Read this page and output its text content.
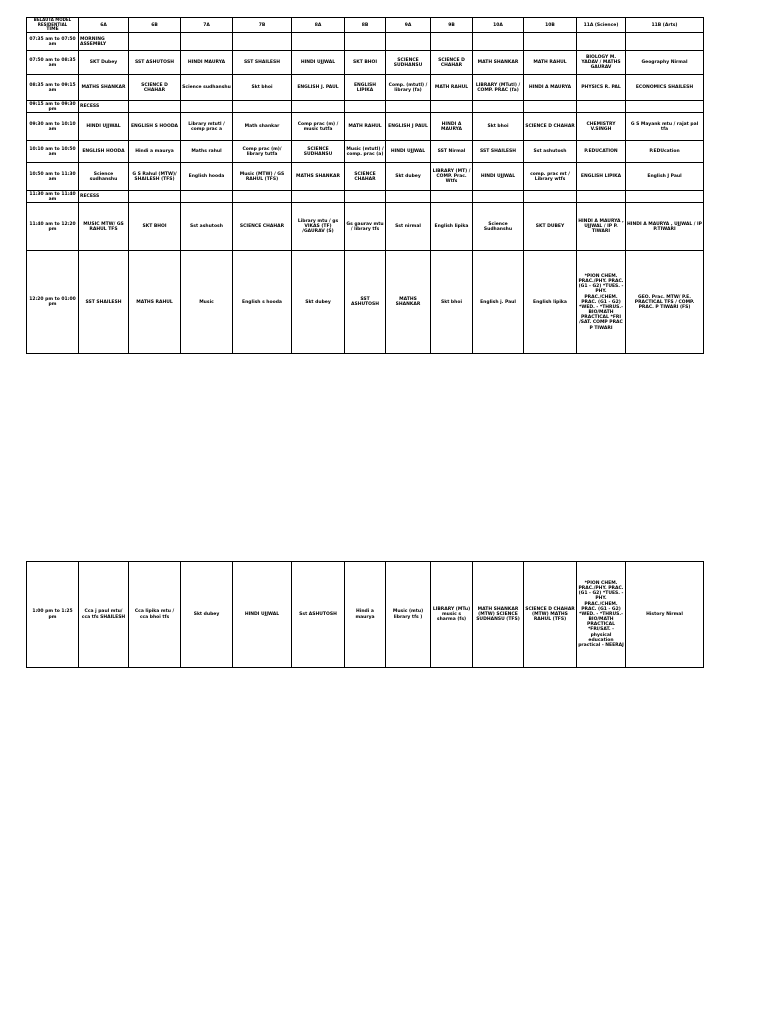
BELAUTA MODEL RESIDENTIAL
TIME	6A	6B	7A	7B	8A	8B	9A	9B	10A	10B	11A (Science)	11B (Arts)
07:35 am to 07:50 am	MORNING ASSEMBLY											
07:50 am to 08:35 am	SKT Dubey	SST ASHUTOSH	HINDI MAURYA	SST SHAILESH	HINDI UJJWAL	SKT BHOI	SCIENCE SUDHANSU	SCIENCE D CHAHAR	MATH SHANKAR	MATH RAHUL	BIOLOGY M. YADAV / MATHS GAURAV	Geography Nirmal
08:35 am to 09:15 am	MATHS SHANKAR	SCIENCE D CHAHAR	Science sudhanshu	Skt bhoi	ENGLISH J. PAUL	ENGLISH LIPIKA	Comp. (mtutl) / library (fa)	MATH RAHUL	LIBRARY (MTutl) / COMP. PRAC (fa)	HINDI A MAURYA	PHYSICS R. PAL	ECONOMICS SHAILESH
09:15 am to 09:30 pm	RECESS											
09:30 am to 10:10 am	HINDI UJJWAL	ENGLISH S HOODA	Library mtutl / comp prac a	Math shankar	Comp prac (m) / music tutfa	MATH RAHUL	ENGLISH J PAUL	HINDI A MAURYA	Skt bhoi	SCIENCE D CHAHAR	CHEMISTRY V.SINGH	G S Mayank mtu / rajat pal tfa
10:10 am to 10:50 am	ENGLISH HOODA	Hindi a maurya	Maths rahul	Comp prac (m)/ library tutfa	SCIENCE SUDHANSU	Music (mtutl) / comp. prac (a)	HINDI UJJWAL	SST Nirmal	SST SHAILESH	Sst ashutosh	P.EDUCATION	P.EDUcation
10:50 am to 11:30 am	Science sudhanshu	G S Rahul (MTW)/ SHAILESH (TFS)	English hooda	Music (MTW) / GS RAHUL (TFS)	MATHS SHANKAR	SCIENCE CHAHAR	Skt dubey	LIBRARY (MT) / COMP. Prac. Wtfs	HINDI UJJWAL	comp. prac mt / Library wtfs	ENGLISH LIPIKA	English J Paul
11:30 am to 11:40 am	RECESS											
11:40 am to 12:20 pm	MUSIC MTW/ GS RAHUL TFS	SKT BHOI	Sst ashutosh	SCIENCE CHAHAR	Library mtu / gs VIKAS (TF) /GAURAV (S)	Gs gaurav mtu / library tfs	Sst nirmal	English lipika	Science Sudhanshu	SKT DUBEY	HINDI A MAURYA , UJJWAL / IP P. TIWARI	HINDI A MAURYA , UJJWAL / IP P.TIWARI
12:20 pm to 01:00 pm	SST SHAILESH	MATHS RAHUL	Music	English s hooda	Skt dubey	SST ASHUTOSH	MATHS SHANKAR	Skt bhoi	English j. Paul	English lipika	*PION CHEM. PRAC./PHY. PRAC. (G1 - G2) *TUES. - PHY. PRAC./CHEM. PRAC. (G1 - G2) *WED. - *THRUS.- BIO/MATH PRACTICAL *FRI /SAT. COMP PRAC P TIWARI	GEO. Prac. MTW/ P.E. PRACTICAL TFS / COMP. PRAC. P TIWARI (FS)
1:00 pm to 1:25 pm	Cca j paul mtu/ cca tfs SHAILESH	Cca lipika mtu / cca bhoi tfs	Skt dubey	HINDI UJJWAL	Sst ASHUTOSH	Hindi a maurya	Music (mtu) library tfs )	LIBRARY (MTu) music s sharma (fs)	MATH SHANKAR (MTW) SCIENCE SUDHANSU (TFS)	SCIENCE D CHAHAR (MTW) MATHS RAHUL (TFS)	*PION CHEM. PRAC./PHY. PRAC. (G1 - G2) *TUES. - PHY. PRAC./CHEM. PRAC. (G1 - G2) *WED. - *THRUS.- BIO/MATH PRACTICAL *FRI/SAT. - physical education practical - NEERAJ	History Nirmal
